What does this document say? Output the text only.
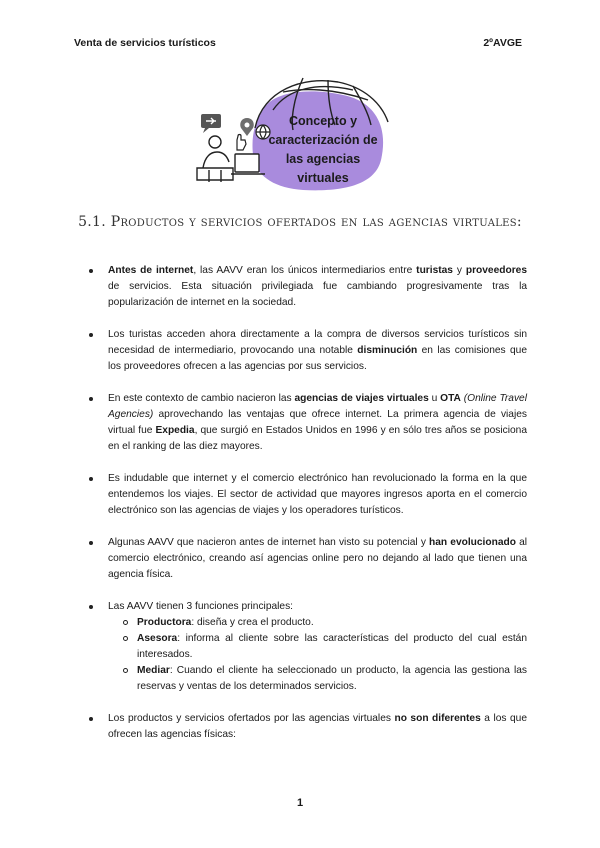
Venta de servicios turísticos	2ºAVGE
Concepto y
caracterización de
las agencias
virtuales
5.1. Productos y servicios ofertados en las agencias virtuales:

Antes de internet, las AAVV eran los únicos intermediarios entre turistas y proveedores de servicios. Esta situación privilegiada fue cambiando progresivamente tras la popularización de internet en la sociedad.

Los turistas acceden ahora directamente a la compra de diversos servicios turísticos sin necesidad de intermediario, provocando una notable disminución en las comisiones que los proveedores ofrecen a las agencias por sus servicios.

En este contexto de cambio nacieron las agencias de viajes virtuales u OTA (Online Travel Agencies) aprovechando las ventajas que ofrece internet. La primera agencia de viajes virtual fue Expedia, que surgió en Estados Unidos en 1996 y en sólo tres años se posiciona en el ranking de las diez mayores.

Es indudable que internet y el comercio electrónico han revolucionado la forma en la que entendemos los viajes. El sector de actividad que mayores ingresos aporta en el comercio electrónico son las agencias de viajes y los operadores turísticos.

Algunas AAVV que nacieron antes de internet han visto su potencial y han evolucionado al comercio electrónico, creando así agencias online pero no dejando al lado que tienen una agencia física.

Las AAVV tienen 3 funciones principales:

Productora: diseña y crea el producto.
Asesora: informa al cliente sobre las características del producto del cual están interesados.
Mediar: Cuando el cliente ha seleccionado un producto, la agencia las gestiona las reservas y ventas de los determinados servicios.

Los productos y servicios ofertados por las agencias virtuales no son diferentes a los que ofrecen las agencias físicas:

1
